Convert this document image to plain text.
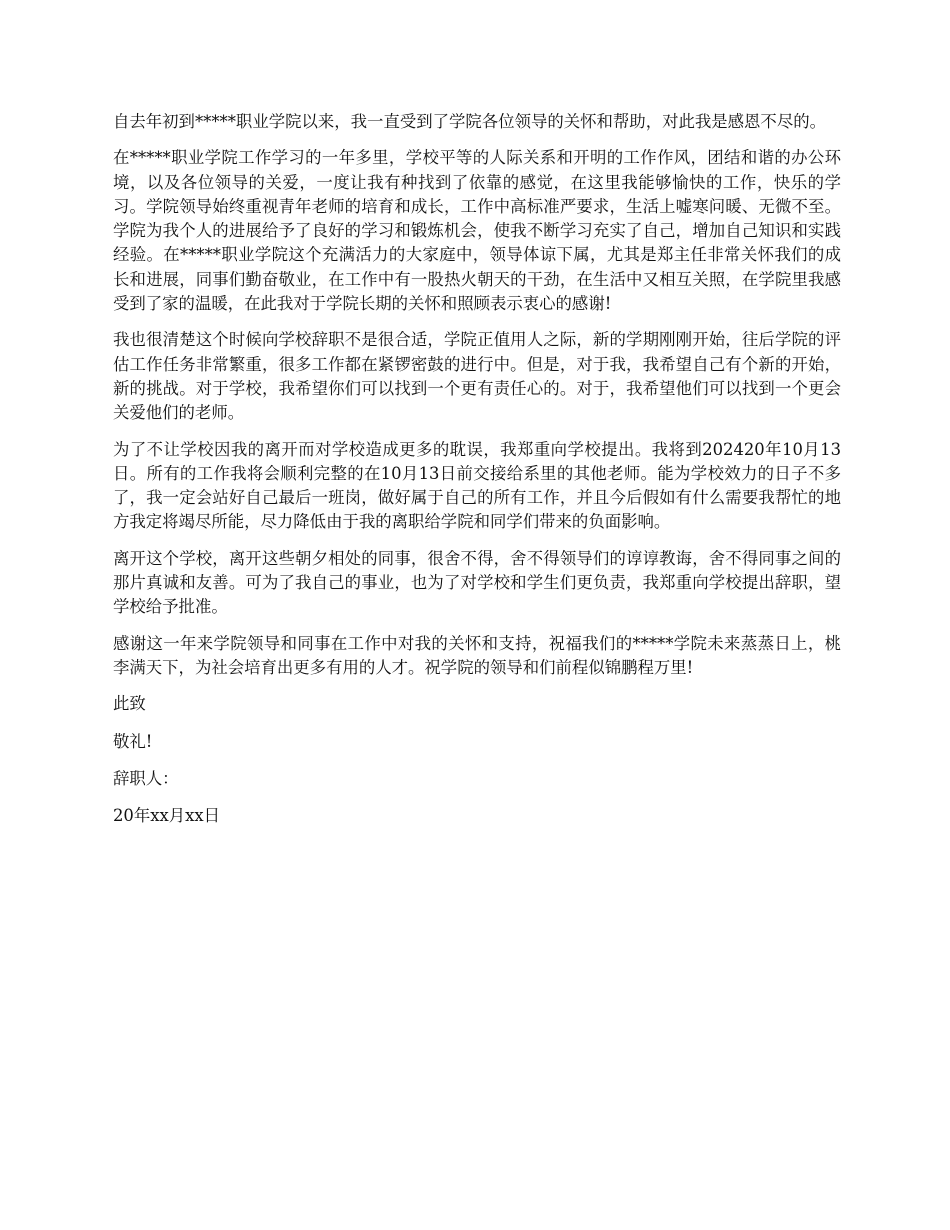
自去年初到*****职业学院以来，我一直受到了学院各位领导的关怀和帮助，对此我是感恩不尽的。

在*****职业学院工作学习的一年多里，学校平等的人际关系和开明的工作作风，团结和谐的办公环境，以及各位领导的关爱，一度让我有种找到了依靠的感觉，在这里我能够愉快的工作，快乐的学习。学院领导始终重视青年老师的培育和成长，工作中高标准严要求，生活上嘘寒问暖、无微不至。学院为我个人的进展给予了良好的学习和锻炼机会，使我不断学习充实了自己，增加自己知识和实践经验。在*****职业学院这个充满活力的大家庭中，领导体谅下属，尤其是郑主任非常关怀我们的成长和进展，同事们勤奋敬业，在工作中有一股热火朝天的干劲，在生活中又相互关照，在学院里我感受到了家的温暖，在此我对于学院长期的关怀和照顾表示衷心的感谢!

我也很清楚这个时候向学校辞职不是很合适，学院正值用人之际，新的学期刚刚开始，往后学院的评估工作任务非常繁重，很多工作都在紧锣密鼓的进行中。但是，对于我，我希望自己有个新的开始，新的挑战。对于学校，我希望你们可以找到一个更有责任心的。对于，我希望他们可以找到一个更会关爱他们的老师。

为了不让学校因我的离开而对学校造成更多的耽误，我郑重向学校提出。我将到202420年10月13日。所有的工作我将会顺利完整的在10月13日前交接给系里的其他老师。能为学校效力的日子不多了，我一定会站好自己最后一班岗，做好属于自己的所有工作，并且今后假如有什么需要我帮忙的地方我定将竭尽所能，尽力降低由于我的离职给学院和同学们带来的负面影响。

离开这个学校，离开这些朝夕相处的同事，很舍不得，舍不得领导们的谆谆教诲，舍不得同事之间的那片真诚和友善。可为了我自己的事业，也为了对学校和学生们更负责，我郑重向学校提出辞职，望学校给予批准。

感谢这一年来学院领导和同事在工作中对我的关怀和支持，祝福我们的*****学院未来蒸蒸日上，桃李满天下，为社会培育出更多有用的人才。祝学院的领导和们前程似锦鹏程万里!

此致

敬礼!

辞职人：

20年xx月xx日
